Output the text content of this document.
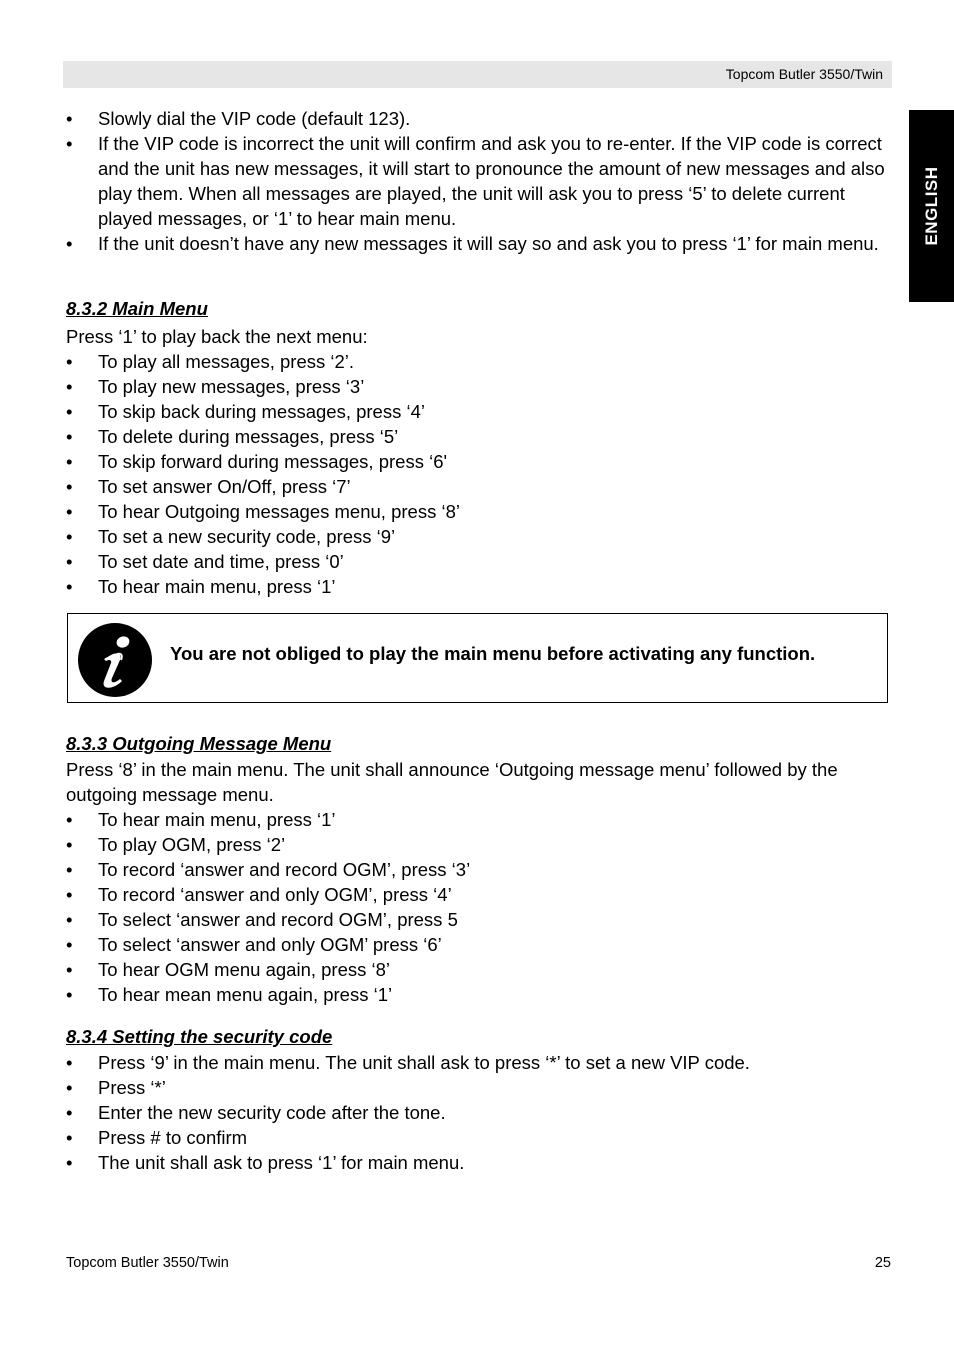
Topcom Butler 3550/Twin
ENGLISH
• Slowly dial the VIP code (default 123).
• If the VIP code is incorrect the unit will confirm and ask you to re-enter. If the VIP code is correct and the unit has new messages, it will start to pronounce the amount of new messages and also play them. When all messages are played, the unit will ask you to press ‘5’ to delete current played messages, or ‘1’ to hear main menu.
• If the unit doesn’t have any new messages it will say so and ask you to press ‘1’ for main menu.
8.3.2 Main Menu
Press ‘1’ to play back the next menu:
• To play all messages, press ‘2’.
• To play new messages, press ‘3’
• To skip back during messages, press ‘4’
• To delete during messages, press ‘5’
• To skip forward during messages, press ‘6'
• To set answer On/Off, press ‘7’
• To hear Outgoing messages menu, press ‘8’
• To set a new security code, press ‘9’
• To set date and time, press ‘0’
• To hear main menu, press ‘1’
You are not obliged to play the main menu before activating any function.
8.3.3 Outgoing Message Menu
Press ‘8’ in the main menu. The unit shall announce ‘Outgoing message menu’ followed by the outgoing message menu.
• To hear main menu, press ‘1’
• To play OGM, press ‘2’
• To record ‘answer and record OGM’, press ‘3’
• To record ‘answer and only OGM’, press ‘4’
• To select ‘answer and record OGM’, press 5
• To select ‘answer and only OGM’ press ‘6’
• To hear OGM menu again, press ‘8’
• To hear mean menu again, press ‘1’
8.3.4 Setting the security code
• Press ‘9’ in the main menu. The unit shall ask to press ‘*’ to set a new VIP code.
• Press ‘*’
• Enter the new security code after the tone.
• Press # to confirm
• The unit shall ask to press ‘1’ for main menu.
Topcom Butler 3550/Twin	25
